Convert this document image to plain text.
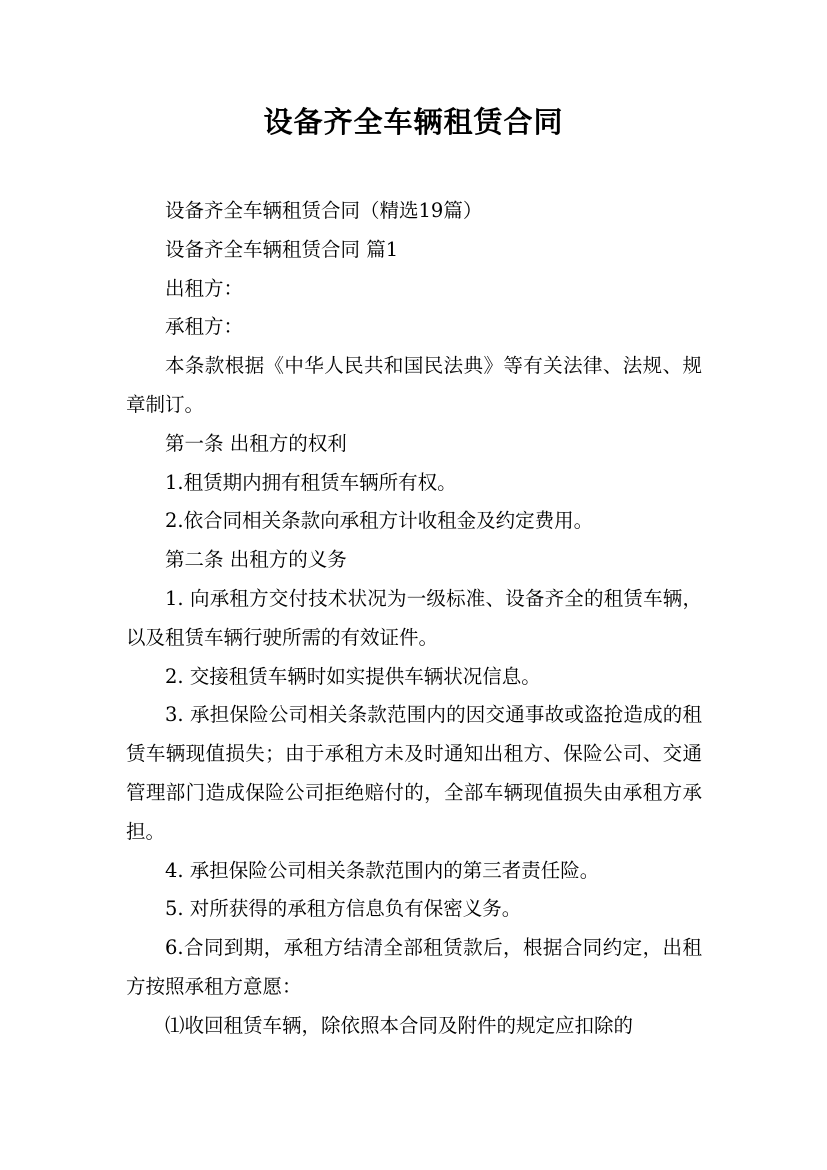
设备齐全车辆租赁合同

设备齐全车辆租赁合同（精选19篇）

设备齐全车辆租赁合同 篇1

出租方：

承租方：

本条款根据《中华人民共和国民法典》等有关法律、法规、规章制订。

第一条 出租方的权利

1.租赁期内拥有租赁车辆所有权。

2.依合同相关条款向承租方计收租金及约定费用。

第二条 出租方的义务

1. 向承租方交付技术状况为一级标准、设备齐全的租赁车辆，以及租赁车辆行驶所需的有效证件。

2. 交接租赁车辆时如实提供车辆状况信息。

3. 承担保险公司相关条款范围内的因交通事故或盗抢造成的租赁车辆现值损失；由于承租方未及时通知出租方、保险公司、交通管理部门造成保险公司拒绝赔付的，全部车辆现值损失由承租方承担。

4. 承担保险公司相关条款范围内的第三者责任险。

5. 对所获得的承租方信息负有保密义务。

6.合同到期，承租方结清全部租赁款后，根据合同约定，出租方按照承租方意愿：

⑴收回租赁车辆，除依照本合同及附件的规定应扣除的
